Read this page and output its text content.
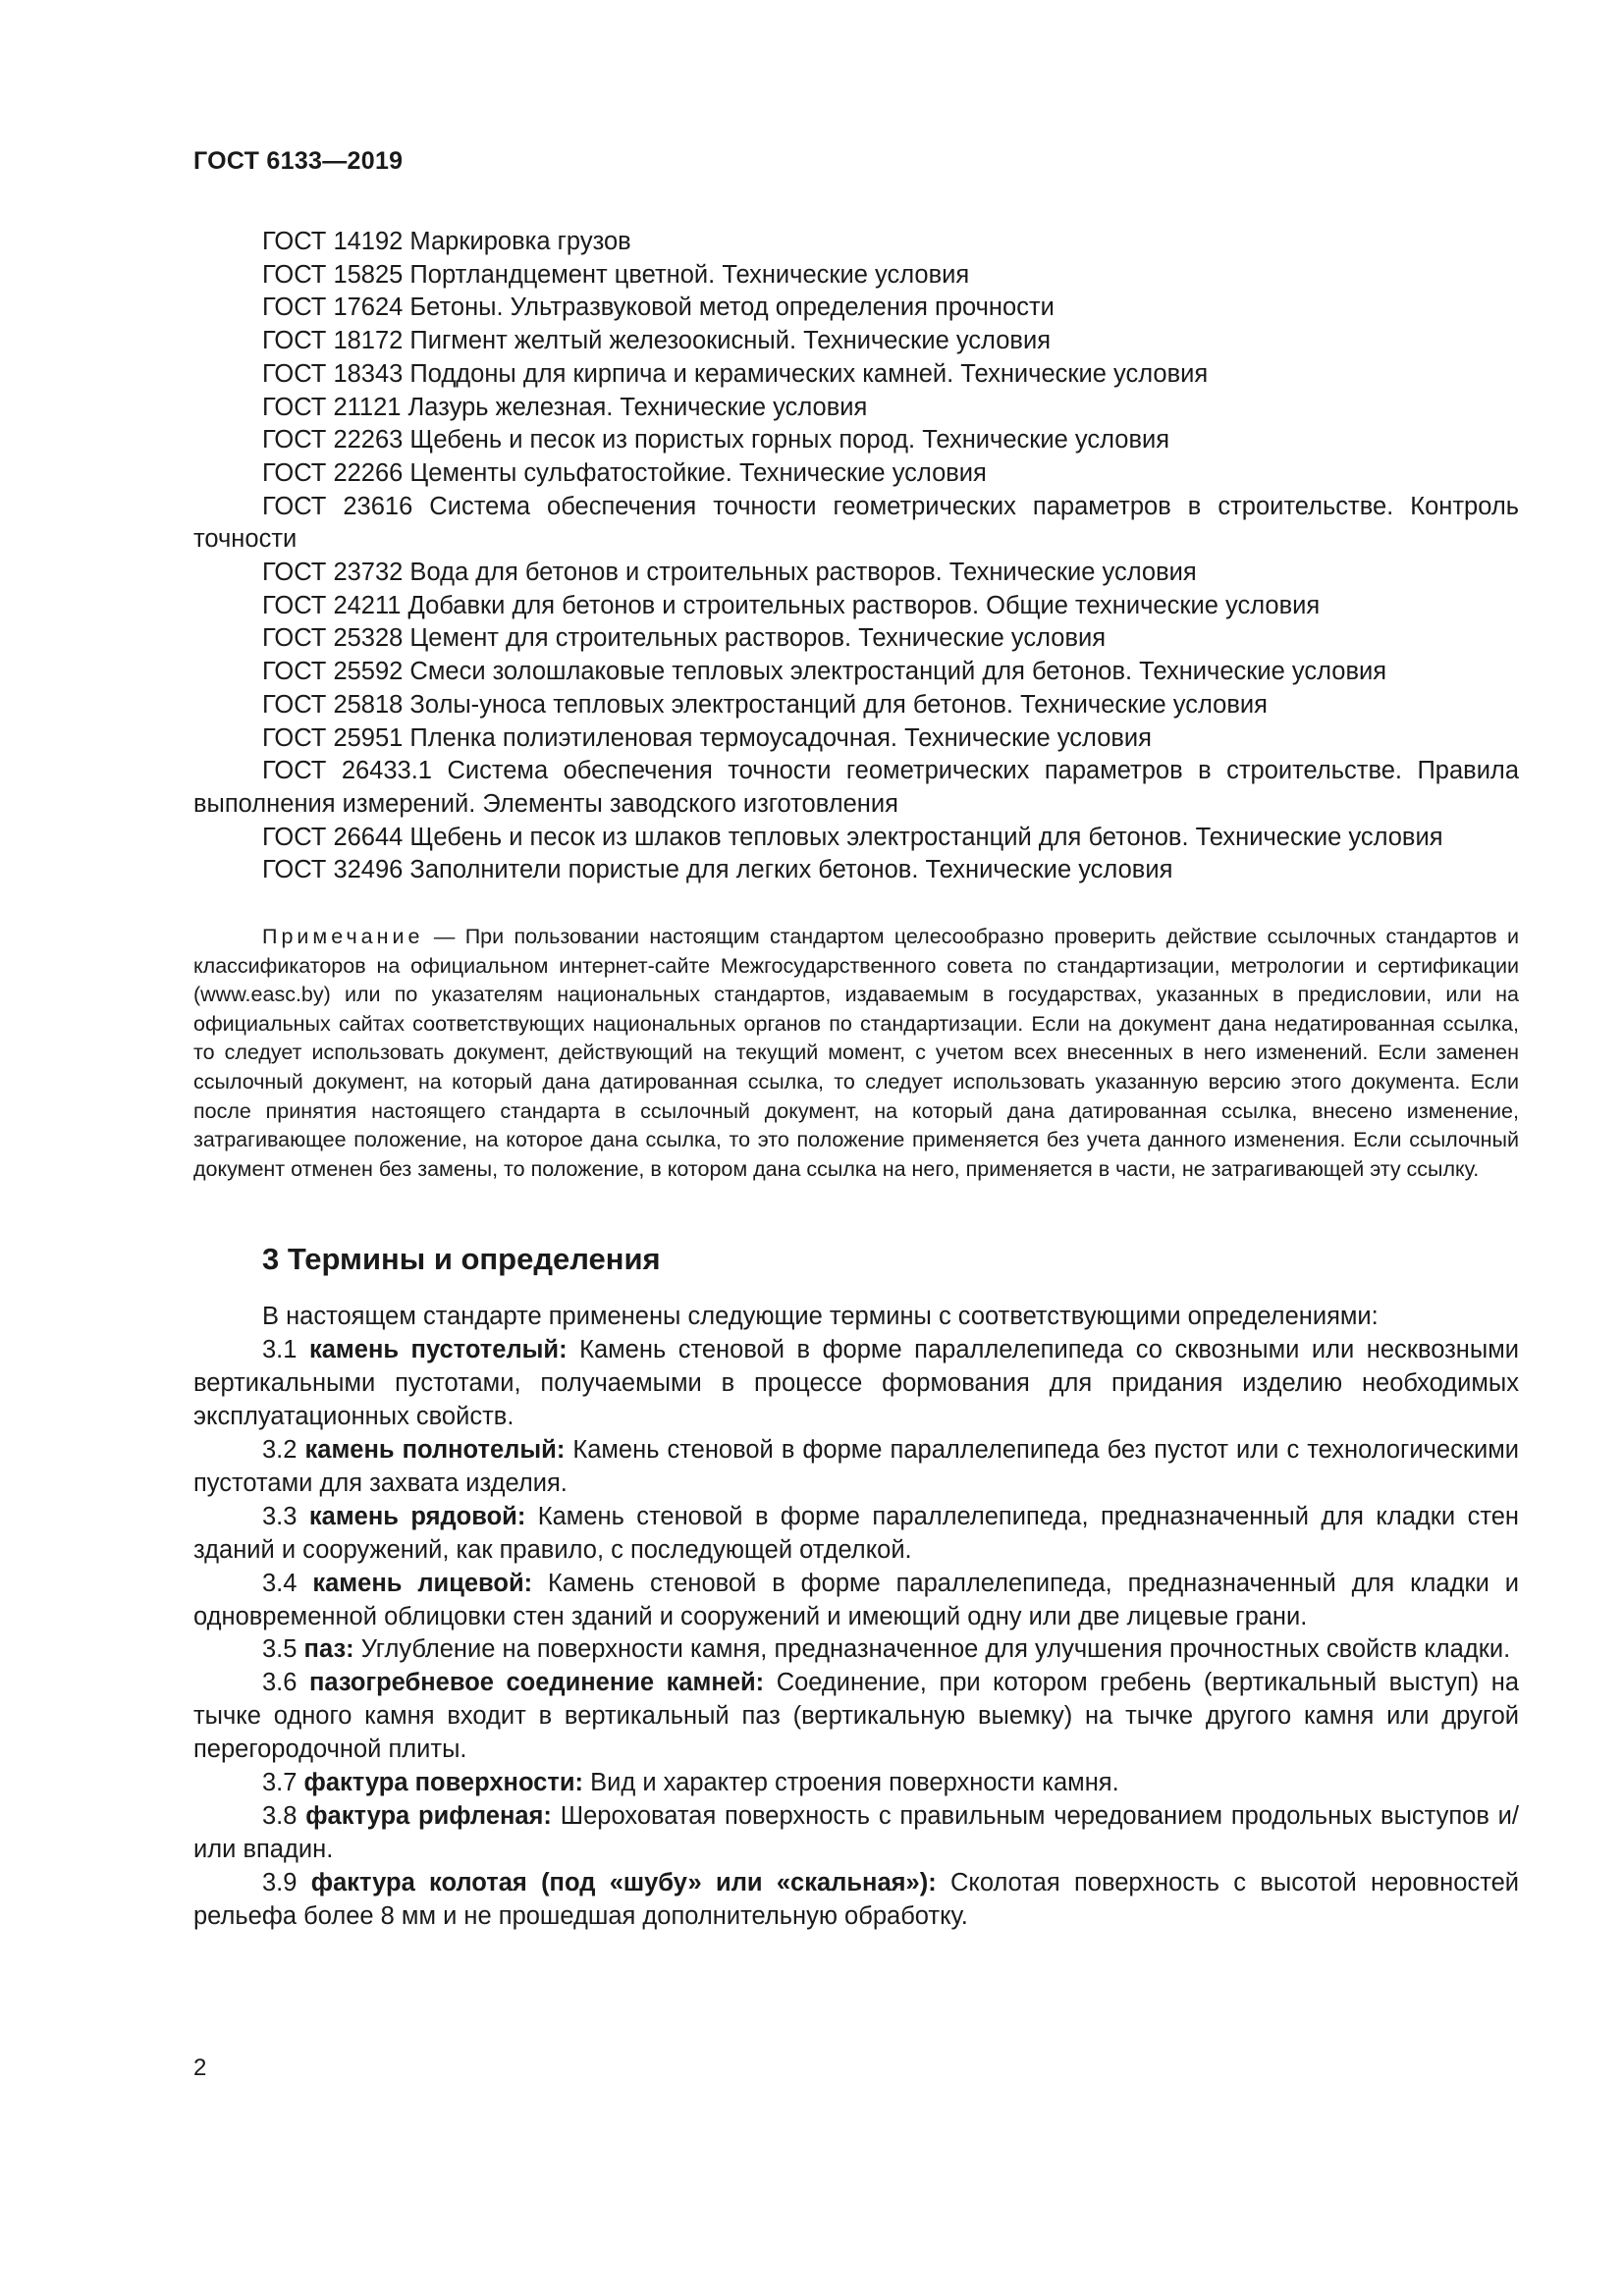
ГОСТ 6133—2019

ГОСТ 14192 Маркировка грузов

ГОСТ 15825 Портландцемент цветной. Технические условия

ГОСТ 17624 Бетоны. Ультразвуковой метод определения прочности

ГОСТ 18172 Пигмент желтый железоокисный. Технические условия

ГОСТ 18343 Поддоны для кирпича и керамических камней. Технические условия

ГОСТ 21121 Лазурь железная. Технические условия

ГОСТ 22263 Щебень и песок из пористых горных пород. Технические условия

ГОСТ 22266 Цементы сульфатостойкие. Технические условия

ГОСТ 23616 Система обеспечения точности геометрических параметров в строительстве. Контроль точности

ГОСТ 23732 Вода для бетонов и строительных растворов. Технические условия

ГОСТ 24211 Добавки для бетонов и строительных растворов. Общие технические условия

ГОСТ 25328 Цемент для строительных растворов. Технические условия

ГОСТ 25592 Смеси золошлаковые тепловых электростанций для бетонов. Технические условия

ГОСТ 25818 Золы-уноса тепловых электростанций для бетонов. Технические условия

ГОСТ 25951 Пленка полиэтиленовая термоусадочная. Технические условия

ГОСТ 26433.1 Система обеспечения точности геометрических параметров в строительстве. Правила выполнения измерений. Элементы заводского изготовления

ГОСТ 26644 Щебень и песок из шлаков тепловых электростанций для бетонов. Технические условия

ГОСТ 32496 Заполнители пористые для легких бетонов. Технические условия

Примечание — При пользовании настоящим стандартом целесообразно проверить действие ссылочных стандартов и классификаторов на официальном интернет-сайте Межгосударственного совета по стандартизации, метрологии и сертификации (www.easc.by) или по указателям национальных стандартов, издаваемым в государствах, указанных в предисловии, или на официальных сайтах соответствующих национальных органов по стандартизации. Если на документ дана недатированная ссылка, то следует использовать документ, действующий на текущий момент, с учетом всех внесенных в него изменений. Если заменен ссылочный документ, на который дана датированная ссылка, то следует использовать указанную версию этого документа. Если после принятия настоящего стандарта в ссылочный документ, на который дана датированная ссылка, внесено изменение, затрагивающее положение, на которое дана ссылка, то это положение применяется без учета данного изменения. Если ссылочный документ отменен без замены, то положение, в котором дана ссылка на него, применяется в части, не затрагивающей эту ссылку.
3 Термины и определения

В настоящем стандарте применены следующие термины с соответствующими определениями:

3.1 камень пустотелый: Камень стеновой в форме параллелепипеда со сквозными или несквозными вертикальными пустотами, получаемыми в процессе формования для придания изделию необходимых эксплуатационных свойств.

3.2 камень полнотелый: Камень стеновой в форме параллелепипеда без пустот или с технологическими пустотами для захвата изделия.

3.3 камень рядовой: Камень стеновой в форме параллелепипеда, предназначенный для кладки стен зданий и сооружений, как правило, с последующей отделкой.

3.4 камень лицевой: Камень стеновой в форме параллелепипеда, предназначенный для кладки и одновременной облицовки стен зданий и сооружений и имеющий одну или две лицевые грани.

3.5 паз: Углубление на поверхности камня, предназначенное для улучшения прочностных свойств кладки.

3.6 пазогребневое соединение камней: Соединение, при котором гребень (вертикальный выступ) на тычке одного камня входит в вертикальный паз (вертикальную выемку) на тычке другого камня или другой перегородочной плиты.

3.7 фактура поверхности: Вид и характер строения поверхности камня.

3.8 фактура рифленая: Шероховатая поверхность с правильным чередованием продольных выступов и/или впадин.

3.9 фактура колотая (под «шубу» или «скальная»): Сколотая поверхность с высотой неровностей рельефа более 8 мм и не прошедшая дополнительную обработку.

2
